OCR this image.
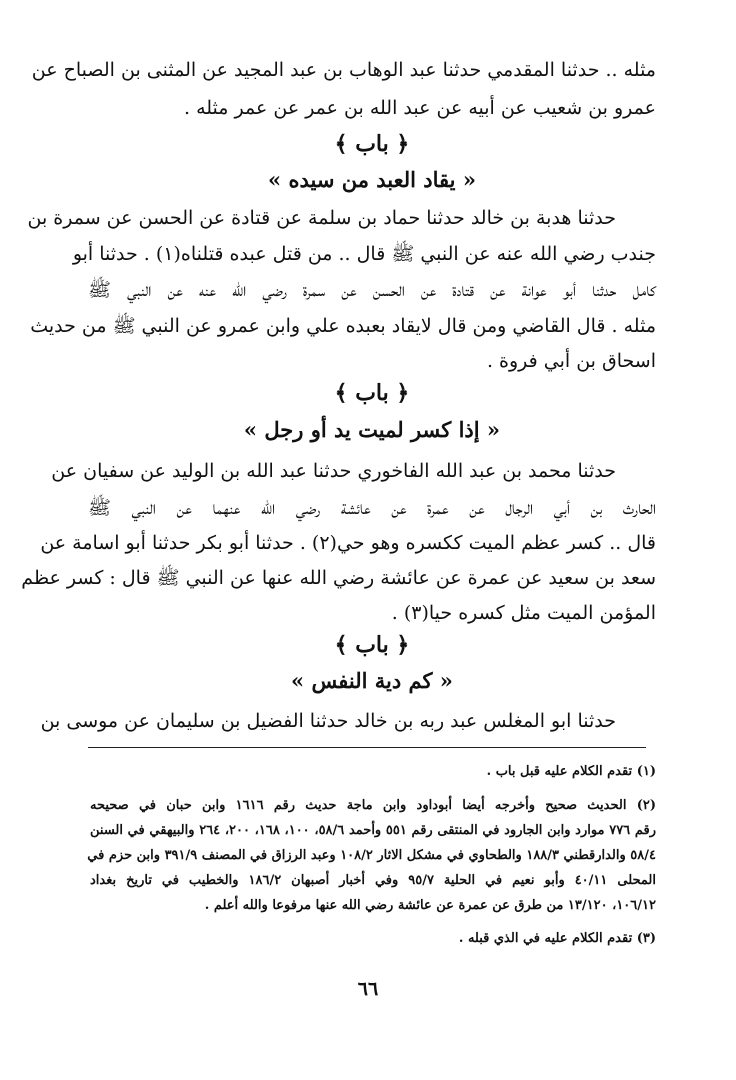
مثله .. حدثنا المقدمي حدثنا عبد الوهاب بن عبد المجيد عن المثنى بن الصباح عن
عمرو بن شعيب عن أبيه عن عبد الله بن عمر عن عمر مثله .
﴿ باب ﴾
« يقاد العبد من سيده »
حدثنا هدبة بن خالد حدثنا حماد بن سلمة عن قتادة عن الحسن عن سمرة بن
جندب رضي الله عنه عن النبي ﷺ قال .. من قتل عبده قتلناه(١) . حدثنا أبو
كامل حدثنا أبو عوانة عن قتادة عن الحسن عن سمرة رضي الله عنه عن النبي ﷺ
مثله . قال القاضي ومن قال لايقاد بعبده علي وابن عمرو عن النبي ﷺ من حديث
اسحاق بن أبي فروة .
﴿ باب ﴾
« إذا كسر لميت يد أو رجل »
حدثنا محمد بن عبد الله الفاخوري حدثنا عبد الله بن الوليد عن سفيان عن
الحارث بن أبي الرجال عن عمرة عن عائشة رضي الله عنهما عن النبي ﷺ
قال .. كسر عظم الميت ككسره وهو حي(٢) . حدثنا أبو بكر حدثنا أبو اسامة عن
سعد بن سعيد عن عمرة عن عائشة رضي الله عنها عن النبي ﷺ قال : كسر عظم
المؤمن الميت مثل كسره حيا(٣) .
﴿ باب ﴾
« كم دية النفس »
حدثنا ابو المغلس عبد ربه بن خالد حدثنا الفضيل بن سليمان عن موسى بن
(١) تقدم الكلام عليه قبل باب .
(٢) الحديث صحيح وأخرجه أيضا أبوداود وابن ماجة حديث رقم ١٦١٦ وابن حبان في صحيحه
رقم ٧٧٦ موارد وابن الجارود في المنتقى رقم ٥٥١ وأحمد ٥٨/٦، ١٠٠، ١٦٨، ٢٠٠، ٢٦٤ والبيهقي في السنن
٥٨/٤ والدارقطني ١٨٨/٣ والطحاوي في مشكل الاثار ١٠٨/٢ وعبد الرزاق في المصنف ٣٩١/٩ وابن حزم في
المحلى ٤٠/١١ وأبو نعيم في الحلية ٩٥/٧ وفي أخبار أصبهان ١٨٦/٢ والخطيب في تاريخ بغداد
١٠٦/١٢، ١٣/١٢٠ من طرق عن عمرة عن عائشة رضي الله عنها مرفوعا والله أعلم .
(٣) تقدم الكلام عليه في الذي قبله .
٦٦
